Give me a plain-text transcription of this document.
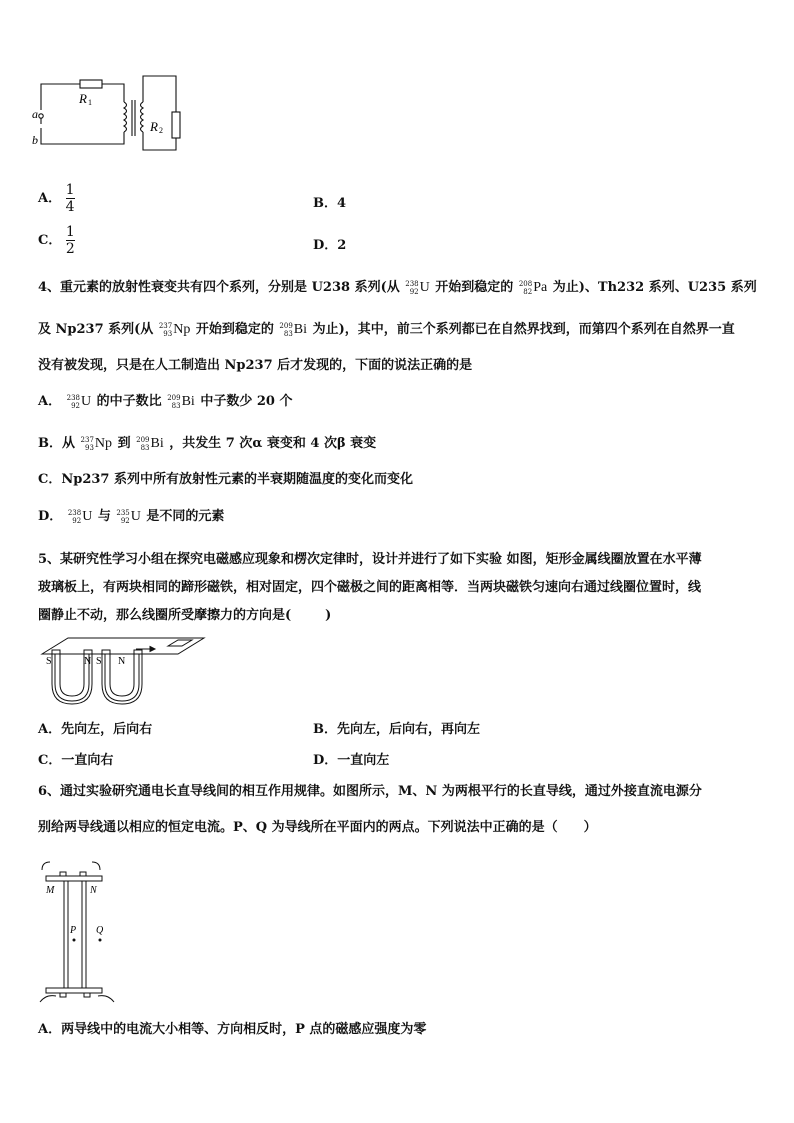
R 1
R 2
a
b
A． $\frac{1}{4}$	B．4
C． $\frac{1}{2}$	D．2
4、重元素的放射性衰变共有四个系列，分别是 U238 系列(从 238
92 U 开始到稳定的 208
82 Pa 为止)、Th232 系列、U235 系列
及 Np237 系列(从 237
93 Np 开始到稳定的 209
83 Bi 为止)，其中，前三个系列都已在自然界找到，而第四个系列在自然界一直
没有被发现，只是在人工制造出 Np237 后才发现的，下面的说法正确的是
A． 238
92 U 的中子数比 209
83 Bi 中子数少 20 个
B．从 237
93 Np 到 209
83 Bi ，共发生 7 次α 衰变和 4 次β 衰变
C．Np237 系列中所有放射性元素的半衰期随温度的变化而变化
D． 238
92 U 与 235
92 U 是不同的元素
5、某研究性学习小组在探究电磁感应现象和楞次定律时，设计并进行了如下实验 如图，矩形金属线圈放置在水平薄
玻璃板上，有两块相同的蹄形磁铁，相对固定，四个磁极之间的距离相等．当两块磁铁匀速向右通过线圈位置时，线
圈静止不动，那么线圈所受摩擦力的方向是(	)
S	N S N
A．先向左，后向右	B．先向左，后向右，再向左
C．一直向右	D．一直向左
6、通过实验研究通电长直导线间的相互作用规律。如图所示，M、N 为两根平行的长直导线，通过外接直流电源分
别给两导线通以相应的恒定电流。P、Q 为导线所在平面内的两点。下列说法中正确的是（　　）
M	N
P Q
A．两导线中的电流大小相等、方向相反时，P 点的磁感应强度为零
